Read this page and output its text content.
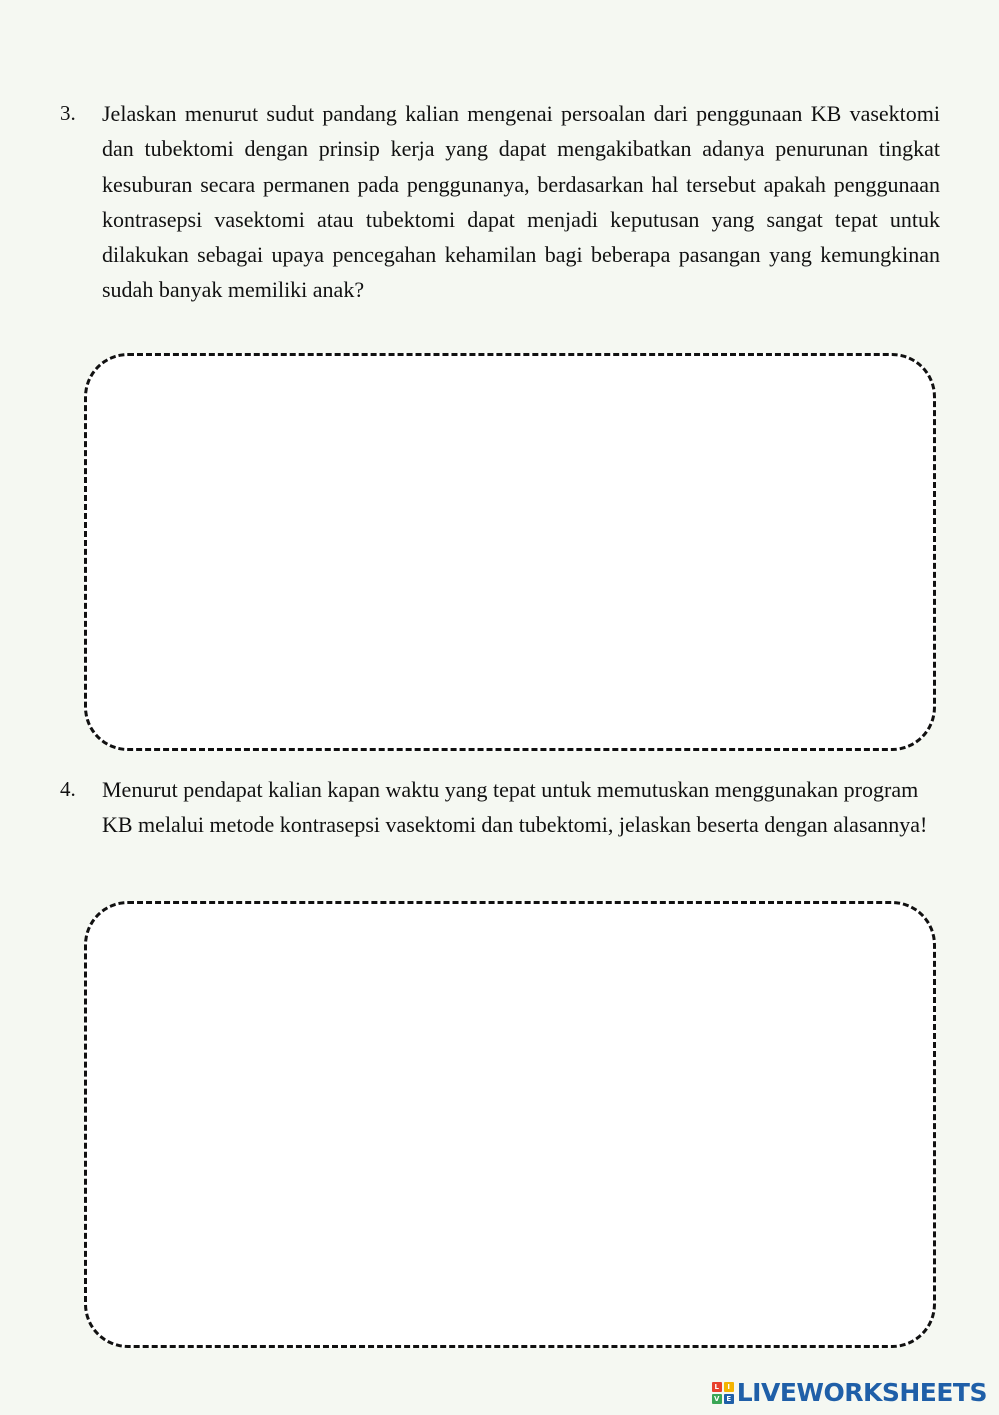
3. Jelaskan menurut sudut pandang kalian mengenai persoalan dari penggunaan KB vasektomi dan tubektomi dengan prinsip kerja yang dapat mengakibatkan adanya penurunan tingkat kesuburan secara permanen pada penggunanya, berdasarkan hal tersebut apakah penggunaan kontrasepsi vasektomi atau tubektomi dapat menjadi keputusan yang sangat tepat untuk dilakukan sebagai upaya pencegahan kehamilan bagi beberapa pasangan yang kemungkinan sudah banyak memiliki anak?
4. Menurut pendapat kalian kapan waktu yang tepat untuk memutuskan menggunakan program KB melalui metode kontrasepsi vasektomi dan tubektomi, jelaskan beserta dengan alasannya!
L	I
V E LIVEWORKSHEETS
